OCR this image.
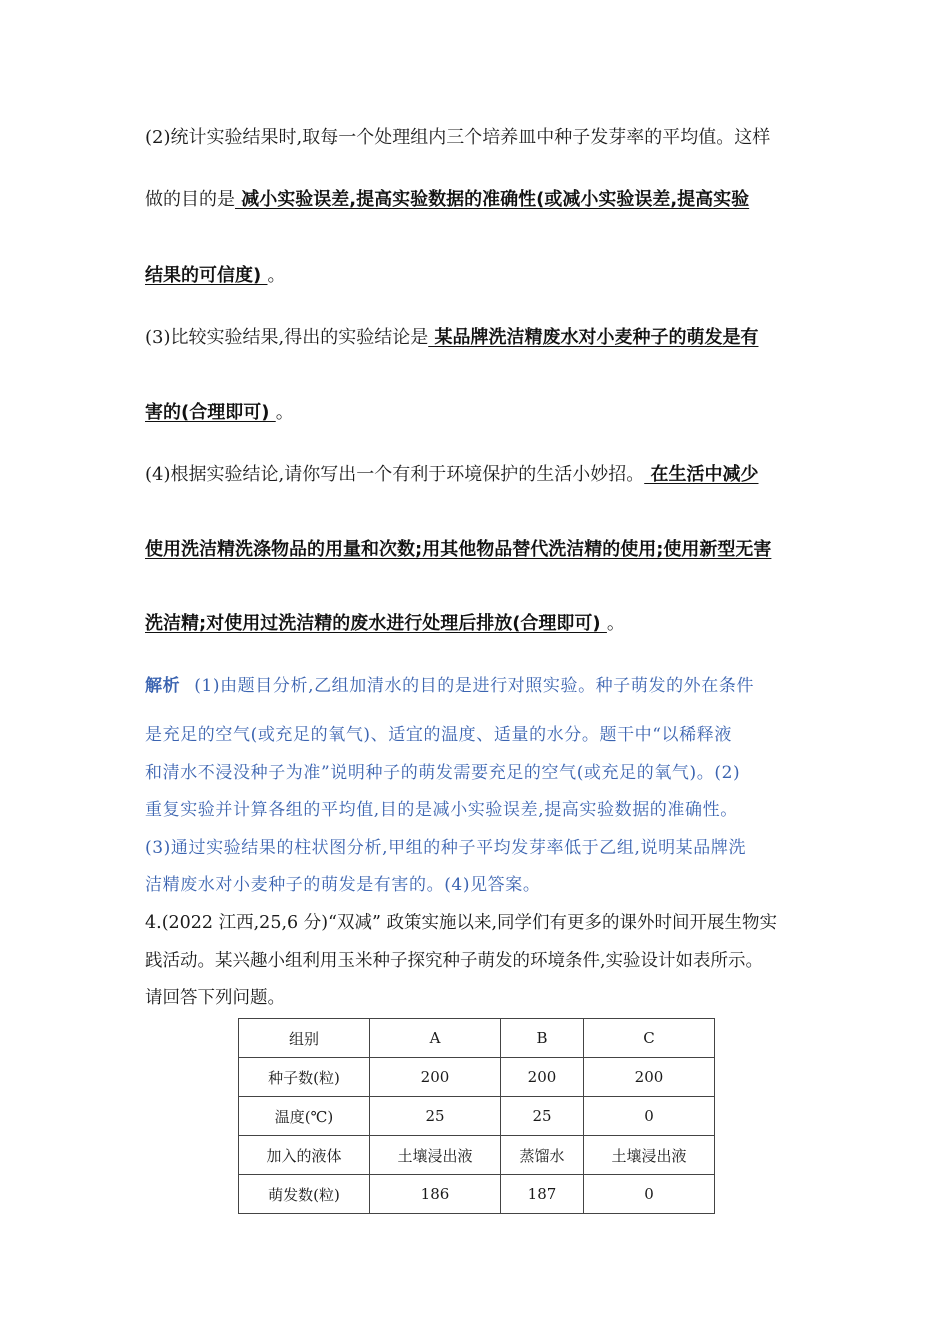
(2)统计实验结果时,取每一个处理组内三个培养皿中种子发芽率的平均值。这样
做的目的是 减小实验误差,提高实验数据的准确性(或减小实验误差,提高实验
结果的可信度) 。
(3)比较实验结果,得出的实验结论是 某品牌洗洁精废水对小麦种子的萌发是有
害的(合理即可) 。
(4)根据实验结论,请你写出一个有利于环境保护的生活小妙招。 在生活中减少
使用洗洁精洗涤物品的用量和次数;用其他物品替代洗洁精的使用;使用新型无害
洗洁精;对使用过洗洁精的废水进行处理后排放(合理即可) 。
解析 (1)由题目分析,乙组加清水的目的是进行对照实验。种子萌发的外在条件
是充足的空气(或充足的氧气)、适宜的温度、适量的水分。题干中“以稀释液
和清水不浸没种子为准”说明种子的萌发需要充足的空气(或充足的氧气)。(2)
重复实验并计算各组的平均值,目的是减小实验误差,提高实验数据的准确性。
(3)通过实验结果的柱状图分析,甲组的种子平均发芽率低于乙组,说明某品牌洗
洁精废水对小麦种子的萌发是有害的。(4)见答案。
4.(2022 江西,25,6 分)“双减” 政策实施以来,同学们有更多的课外时间开展生物实
践活动。某兴趣小组利用玉米种子探究种子萌发的环境条件,实验设计如表所示。
请回答下列问题。
组别	A	B	C
种子数(粒)	200	200	200
温度(℃)	25	25	0
加入的液体	土壤浸出液	蒸馏水	土壤浸出液
萌发数(粒)	186	187	0
